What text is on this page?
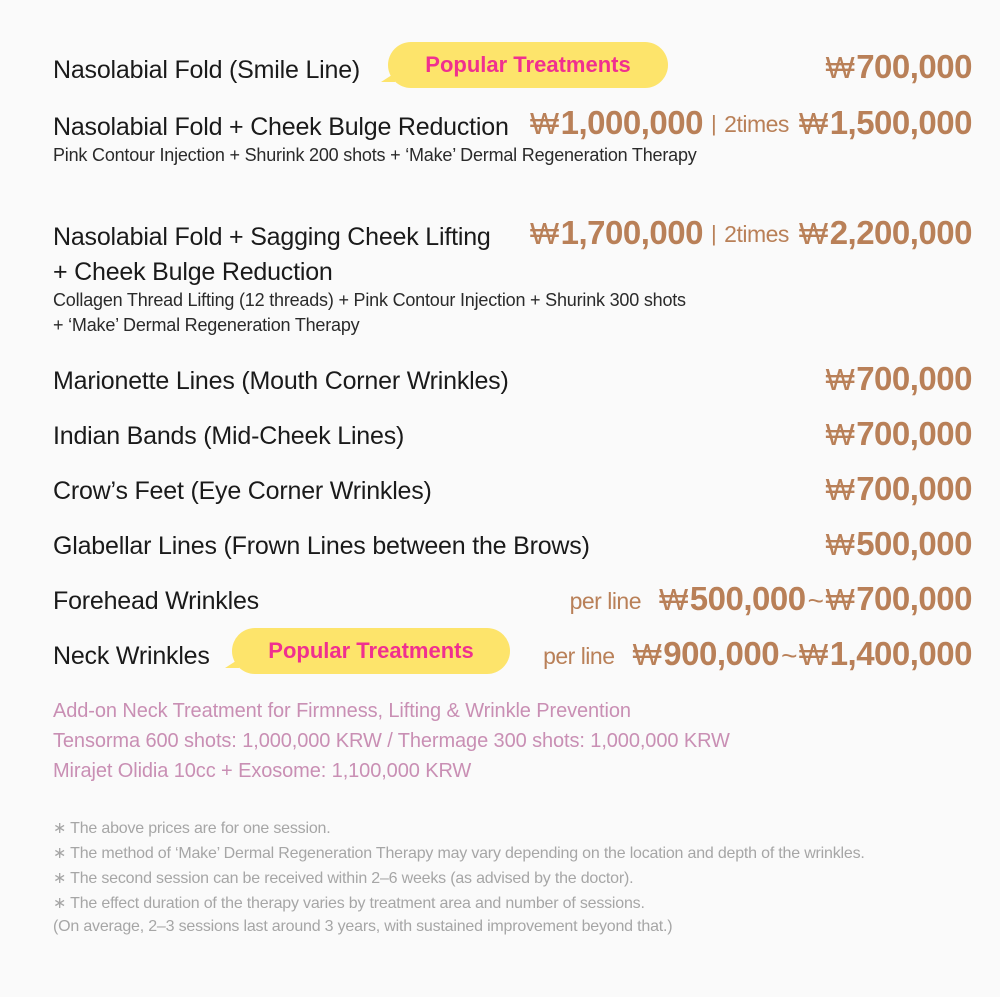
Nasolabial Fold (Smile Line)	Popular Treatments	₩700,000
Nasolabial Fold + Cheek Bulge Reduction ₩1,000,000 | 2times ₩1,500,000
Pink Contour Injection + Shurink 200 shots + ‘Make’ Dermal Regeneration Therapy
Nasolabial Fold + Sagging Cheek Lifting
+ Cheek Bulge Reduction
₩1,700,000 | 2times ₩2,200,000
Collagen Thread Lifting (12 threads) + Pink Contour Injection + Shurink 300 shots
+ ‘Make’ Dermal Regeneration Therapy
Marionette Lines (Mouth Corner Wrinkles)	₩700,000
Indian Bands (Mid-Cheek Lines)	₩700,000
Crow’s Feet (Eye Corner Wrinkles)	₩700,000
Glabellar Lines (Frown Lines between the Brows)	₩500,000
Forehead Wrinkles	per line ₩500,000~₩700,000
Neck Wrinkles	Popular Treatments	per line ₩900,000~₩1,400,000
Add-on Neck Treatment for Firmness, Lifting & Wrinkle Prevention
Tensorma 600 shots: 1,000,000 KRW / Thermage 300 shots: 1,000,000 KRW
Mirajet Olidia 10cc + Exosome: 1,100,000 KRW
∗ The above prices are for one session.
∗ The method of ‘Make’ Dermal Regeneration Therapy may vary depending on the location and depth of the wrinkles.
∗ The second session can be received within 2–6 weeks (as advised by the doctor).
∗ The effect duration of the therapy varies by treatment area and number of sessions.
(On average, 2–3 sessions last around 3 years, with sustained improvement beyond that.)
